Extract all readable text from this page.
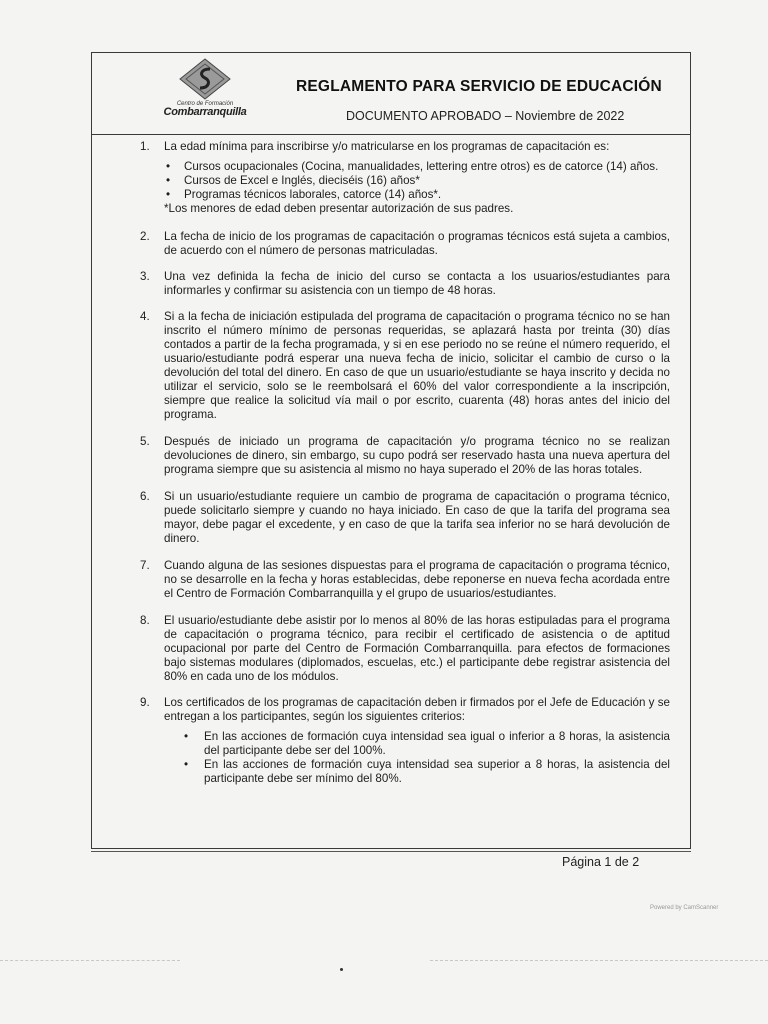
Centro de Formación
Combarranquilla
REGLAMENTO PARA SERVICIO DE EDUCACIÓN
DOCUMENTO APROBADO – Noviembre de 2022
1. La edad mínima para inscribirse y/o matricularse en los programas de capacitación es:

• Cursos ocupacionales (Cocina, manualidades, lettering entre otros) es de catorce (14) años.
• Cursos de Excel e Inglés, dieciséis (16) años*
• Programas técnicos laborales, catorce (14) años*.

*Los menores de edad deben presentar autorización de sus padres.

2. La fecha de inicio de los programas de capacitación o programas técnicos está sujeta a cambios, de acuerdo con el número de personas matriculadas.

3. Una vez definida la fecha de inicio del curso se contacta a los usuarios/estudiantes para informarles y confirmar su asistencia con un tiempo de 48 horas.

4. Si a la fecha de iniciación estipulada del programa de capacitación o programa técnico no se han inscrito el número mínimo de personas requeridas, se aplazará hasta por treinta (30) días contados a partir de la fecha programada, y si en ese periodo no se reúne el número requerido, el usuario/estudiante podrá esperar una nueva fecha de inicio, solicitar el cambio de curso o la devolución del total del dinero. En caso de que un usuario/estudiante se haya inscrito y decida no utilizar el servicio, solo se le reembolsará el 60% del valor correspondiente a la inscripción, siempre que realice la solicitud vía mail o por escrito, cuarenta (48) horas antes del inicio del programa.

5. Después de iniciado un programa de capacitación y/o programa técnico no se realizan devoluciones de dinero, sin embargo, su cupo podrá ser reservado hasta una nueva apertura del programa siempre que su asistencia al mismo no haya superado el 20% de las horas totales.

6. Si un usuario/estudiante requiere un cambio de programa de capacitación o programa técnico, puede solicitarlo siempre y cuando no haya iniciado. En caso de que la tarifa del programa sea mayor, debe pagar el excedente, y en caso de que la tarifa sea inferior no se hará devolución de dinero.

7. Cuando alguna de las sesiones dispuestas para el programa de capacitación o programa técnico, no se desarrolle en la fecha y horas establecidas, debe reponerse en nueva fecha acordada entre el Centro de Formación Combarranquilla y el grupo de usuarios/estudiantes.

8. El usuario/estudiante debe asistir por lo menos al 80% de las horas estipuladas para el programa de capacitación o programa técnico, para recibir el certificado de asistencia o de aptitud ocupacional por parte del Centro de Formación Combarranquilla. para efectos de formaciones bajo sistemas modulares (diplomados, escuelas, etc.) el participante debe registrar asistencia del 80% en cada uno de los módulos.

9. Los certificados de los programas de capacitación deben ir firmados por el Jefe de Educación y se entregan a los participantes, según los siguientes criterios:

• En las acciones de formación cuya intensidad sea igual o inferior a 8 horas, la asistencia del participante debe ser del 100%.
• En las acciones de formación cuya intensidad sea superior a 8 horas, la asistencia del participante debe ser mínimo del 80%.
Página 1 de 2
Powered by CamScanner
